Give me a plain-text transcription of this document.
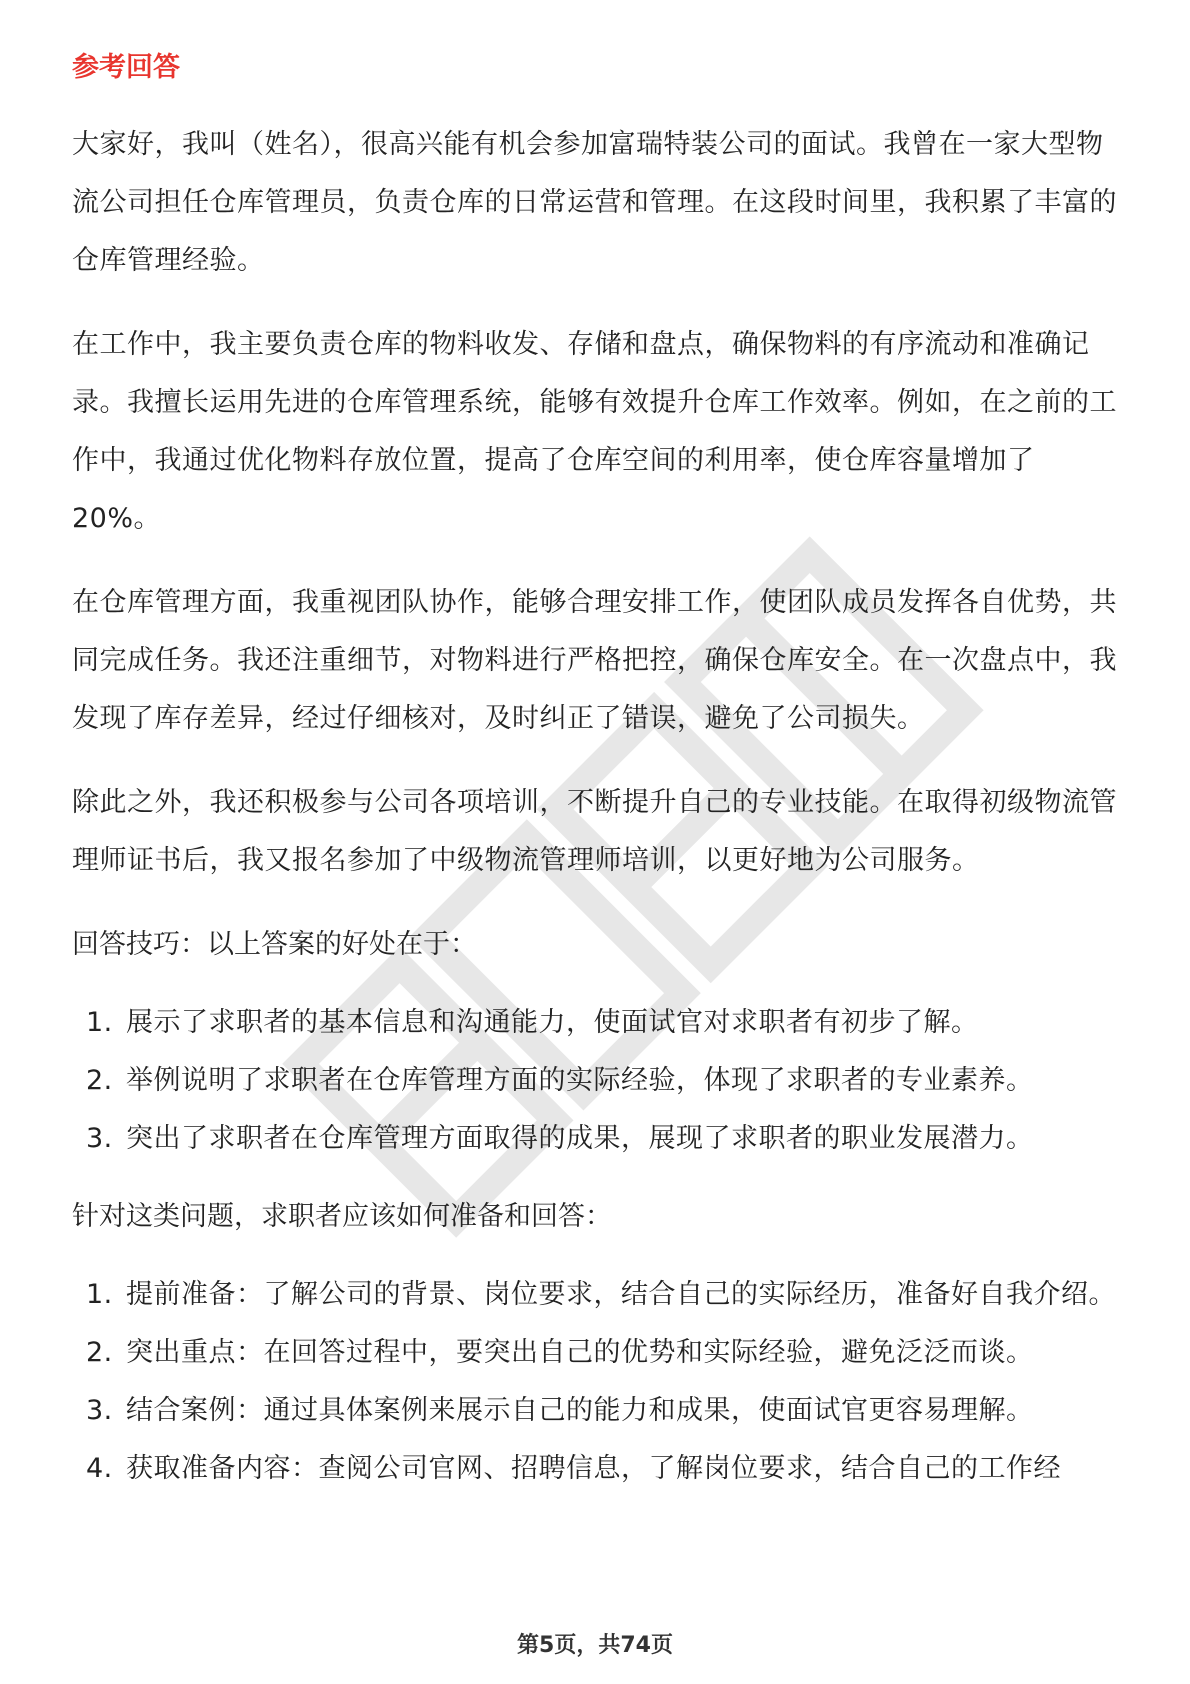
参考回答

大家好，我叫（姓名），很高兴能有机会参加富瑞特装公司的面试。我曾在一家大型物流公司担任仓库管理员，负责仓库的日常运营和管理。在这段时间里，我积累了丰富的仓库管理经验。

在工作中，我主要负责仓库的物料收发、存储和盘点，确保物料的有序流动和准确记录。我擅长运用先进的仓库管理系统，能够有效提升仓库工作效率。例如，在之前的工作中，我通过优化物料存放位置，提高了仓库空间的利用率，使仓库容量增加了20%。

在仓库管理方面，我重视团队协作，能够合理安排工作，使团队成员发挥各自优势，共同完成任务。我还注重细节，对物料进行严格把控，确保仓库安全。在一次盘点中，我发现了库存差异，经过仔细核对，及时纠正了错误，避免了公司损失。

除此之外，我还积极参与公司各项培训，不断提升自己的专业技能。在取得初级物流管理师证书后，我又报名参加了中级物流管理师培训，以更好地为公司服务。

回答技巧：以上答案的好处在于：

1. 展示了求职者的基本信息和沟通能力，使面试官对求职者有初步了解。
2. 举例说明了求职者在仓库管理方面的实际经验，体现了求职者的专业素养。
3. 突出了求职者在仓库管理方面取得的成果，展现了求职者的职业发展潜力。

针对这类问题，求职者应该如何准备和回答：

1. 提前准备：了解公司的背景、岗位要求，结合自己的实际经历，准备好自我介绍。
2. 突出重点：在回答过程中，要突出自己的优势和实际经验，避免泛泛而谈。
3. 结合案例：通过具体案例来展示自己的能力和成果，使面试官更容易理解。
4. 获取准备内容：查阅公司官网、招聘信息，了解岗位要求，结合自己的工作经
第5页，共74页
